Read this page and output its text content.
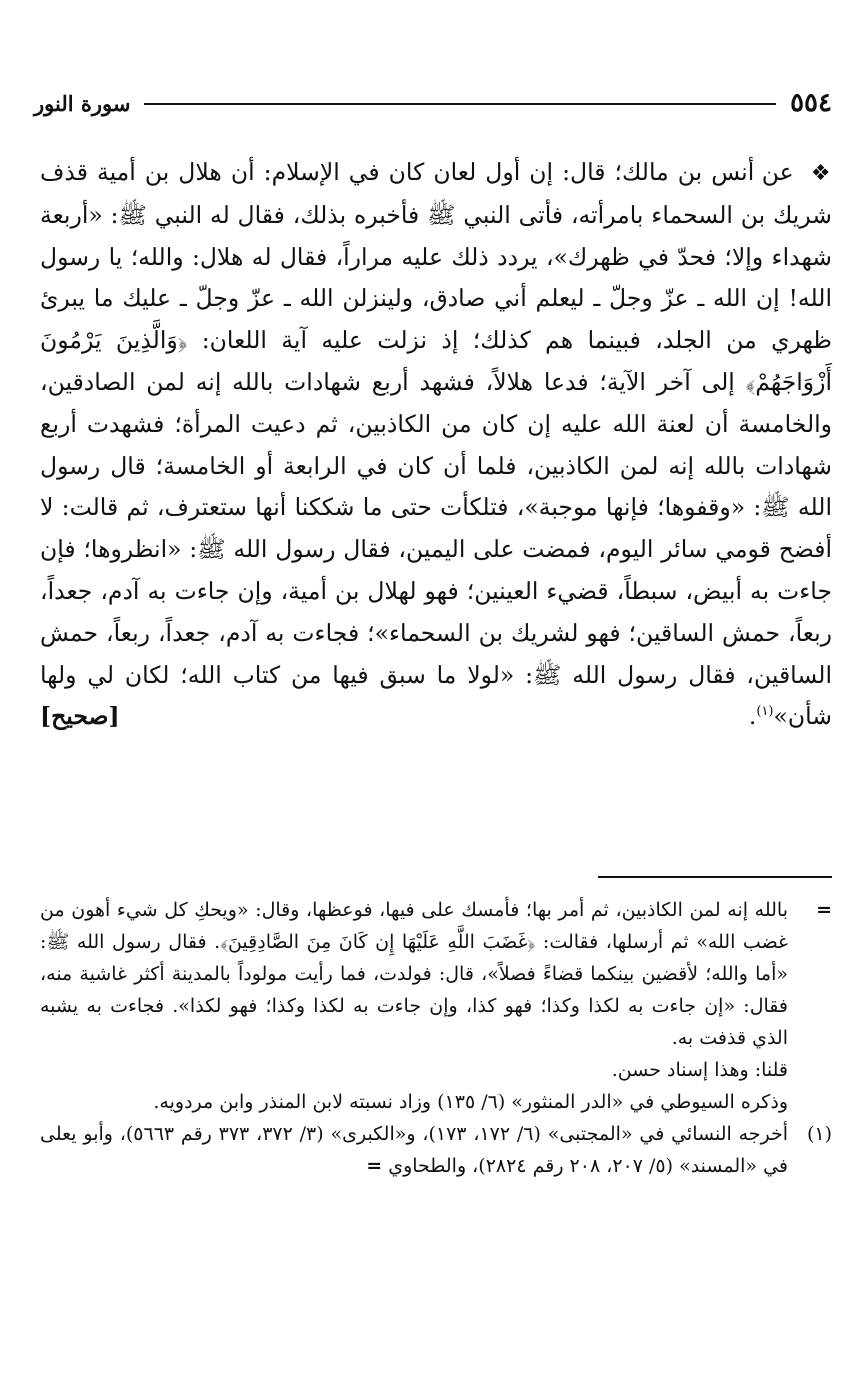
٥٥٤
سورة النور

❖ عن أنس بن مالك؛ قال: إن أول لعان كان في الإسلام: أن هلال بن أمية قذف شريك بن السحماء بامرأته، فأتى النبي ﷺ فأخبره بذلك، فقال له النبي ﷺ: «أربعة شهداء وإلا؛ فحدّ في ظهرك»، يردد ذلك عليه مراراً، فقال له هلال: والله؛ يا رسول الله! إن الله ـ عزّ وجلّ ـ ليعلم أني صادق، ولينزلن الله ـ عزّ وجلّ ـ عليك ما يبرئ ظهري من الجلد، فبينما هم كذلك؛ إذ نزلت عليه آية اللعان: ﴿وَالَّذِينَ يَرْمُونَ أَزْوَاجَهُمْ﴾ إلى آخر الآية؛ فدعا هلالاً، فشهد أربع شهادات بالله إنه لمن الصادقين، والخامسة أن لعنة الله عليه إن كان من الكاذبين، ثم دعيت المرأة؛ فشهدت أربع شهادات بالله إنه لمن الكاذبين، فلما أن كان في الرابعة أو الخامسة؛ قال رسول الله ﷺ: «وقفوها؛ فإنها موجبة»، فتلكأت حتى ما شككنا أنها ستعترف، ثم قالت: لا أفضح قومي سائر اليوم، فمضت على اليمين، فقال رسول الله ﷺ: «انظروها؛ فإن جاءت به أبيض، سبطاً، قضيء العينين؛ فهو لهلال بن أمية، وإن جاءت به آدم، جعداً، ربعاً، حمش الساقين؛ فهو لشريك بن السحماء»؛ فجاءت به آدم، جعداً، ربعاً، حمش الساقين، فقال رسول الله ﷺ: «لولا ما سبق فيها من كتاب الله؛ لكان لي ولها شأن»$^{(١)}$.
[صحيح]

=

بالله إنه لمن الكاذبين، ثم أمر بها؛ فأمسك على فيها، فوعظها، وقال: «ويحكِ كل شيء أهون من غضب الله» ثم أرسلها، فقالت: ﴿غَضَبَ اللَّهِ عَلَيْهَا إِن كَانَ مِنَ الصَّادِقِينَ﴾. فقال رسول الله ﷺ: «أما والله؛ لأقضين بينكما قضاءً فصلاً»، قال: فولدت، فما رأيت مولوداً بالمدينة أكثر غاشية منه، فقال: «إن جاءت به لكذا وكذا؛ فهو كذا، وإن جاءت به لكذا وكذا؛ فهو لكذا». فجاءت به يشبه الذي قذفت به.

قلنا: وهذا إسناد حسن.

وذكره السيوطي في «الدر المنثور» (٦/ ١٣٥) وزاد نسبته لابن المنذر وابن مردويه.

(١)

أخرجه النسائي في «المجتبى» (٦/ ١٧٢، ١٧٣)، و«الكبرى» (٣/ ٣٧٢، ٣٧٣ رقم ٥٦٦٣)، وأبو يعلى في «المسند» (٥/ ٢٠٧، ٢٠٨ رقم ٢٨٢٤)، والطحاوي =
